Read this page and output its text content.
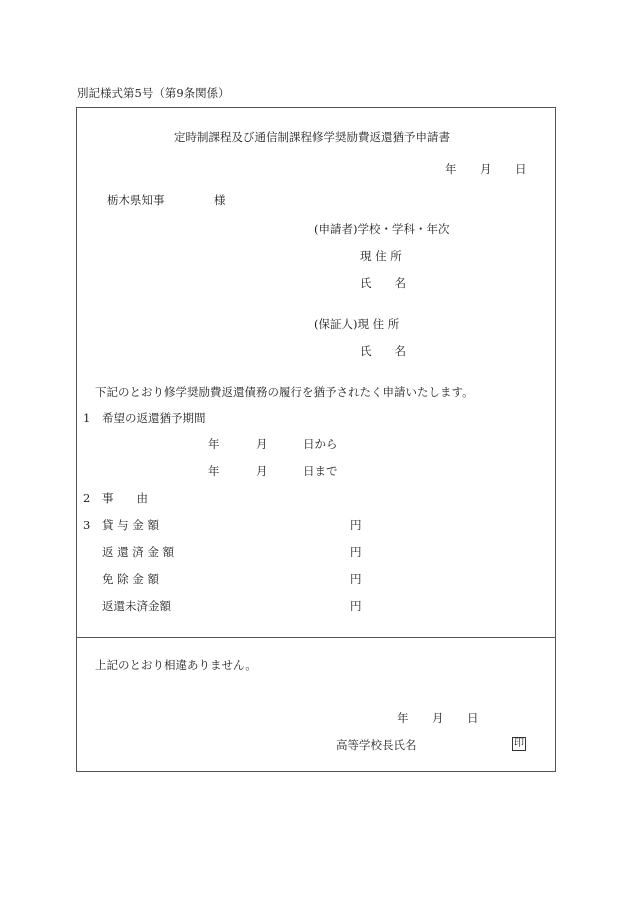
別記様式第5号（第9条関係）
定時制課程及び通信制課程修学奨励費返還猶予申請書
年 月 日
栃木県知事	様
(申請者)学校・学科・年次
現 住 所
氏　　名
(保証人)現 住 所
氏　　名
下記のとおり修学奨励費返還債務の履行を猶予されたく申請いたします。
1 希望の返還猶予期間
年	月	日から
年	月	日まで
2 事　　由
3 貸 与 金 額	円
返 還 済 金 額	円
免 除 金 額	円
返還未済金額	円
上記のとおり相違ありません。
年 月 日
高等学校長氏名	印
